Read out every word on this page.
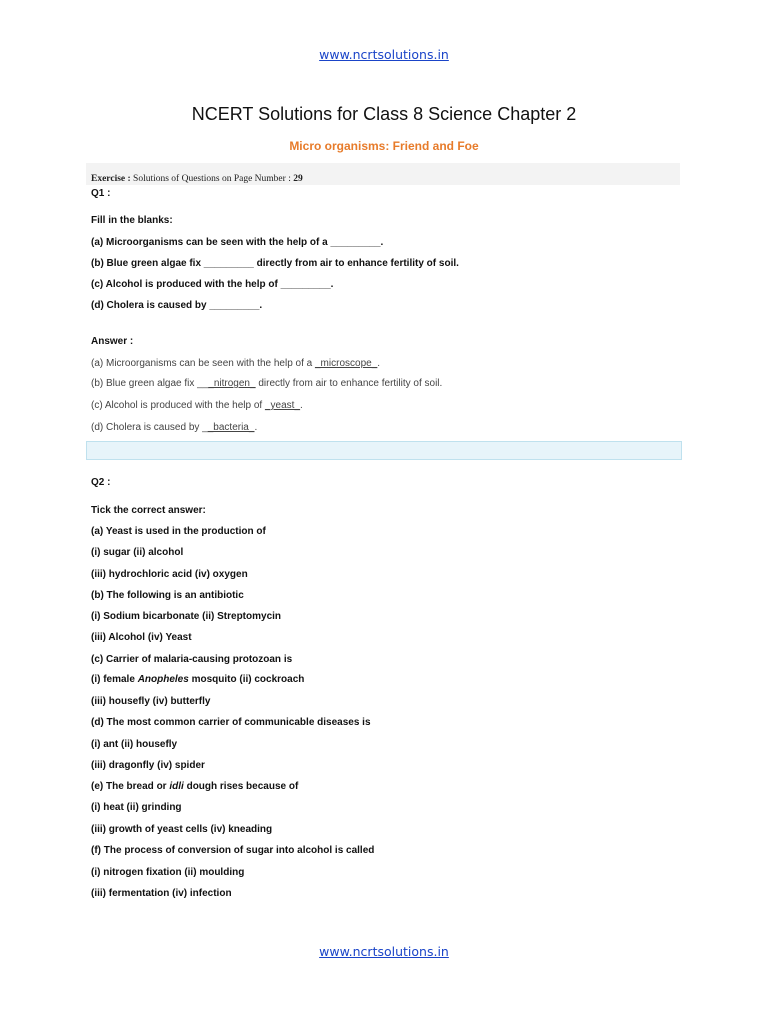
www.ncrtsolutions.in
NCERT Solutions for Class 8 Science Chapter 2
Micro organisms: Friend and Foe
Exercise : Solutions of Questions on Page Number : 29
Q1 :
Fill in the blanks:
(a) Microorganisms can be seen with the help of a _________.
(b) Blue green algae fix _________ directly from air to enhance fertility of soil.
(c) Alcohol is produced with the help of _________.
(d) Cholera is caused by _________.
Answer :
(a) Microorganisms can be seen with the help of a _microscope_.
(b) Blue green algae fix ___nitrogen_ directly from air to enhance fertility of soil.
(c) Alcohol is produced with the help of _yeast_.
(d) Cholera is caused by __bacteria_.
Q2 :
Tick the correct answer:
(a) Yeast is used in the production of
(i) sugar (ii) alcohol
(iii) hydrochloric acid (iv) oxygen
(b) The following is an antibiotic
(i) Sodium bicarbonate (ii) Streptomycin
(iii) Alcohol (iv) Yeast
(c) Carrier of malaria-causing protozoan is
(i) female Anopheles mosquito (ii) cockroach
(iii) housefly (iv) butterfly
(d) The most common carrier of communicable diseases is
(i) ant (ii) housefly
(iii) dragonfly (iv) spider
(e) The bread or idli dough rises because of
(i) heat (ii) grinding
(iii) growth of yeast cells (iv) kneading
(f) The process of conversion of sugar into alcohol is called
(i) nitrogen fixation (ii) moulding
(iii) fermentation (iv) infection
www.ncrtsolutions.in
